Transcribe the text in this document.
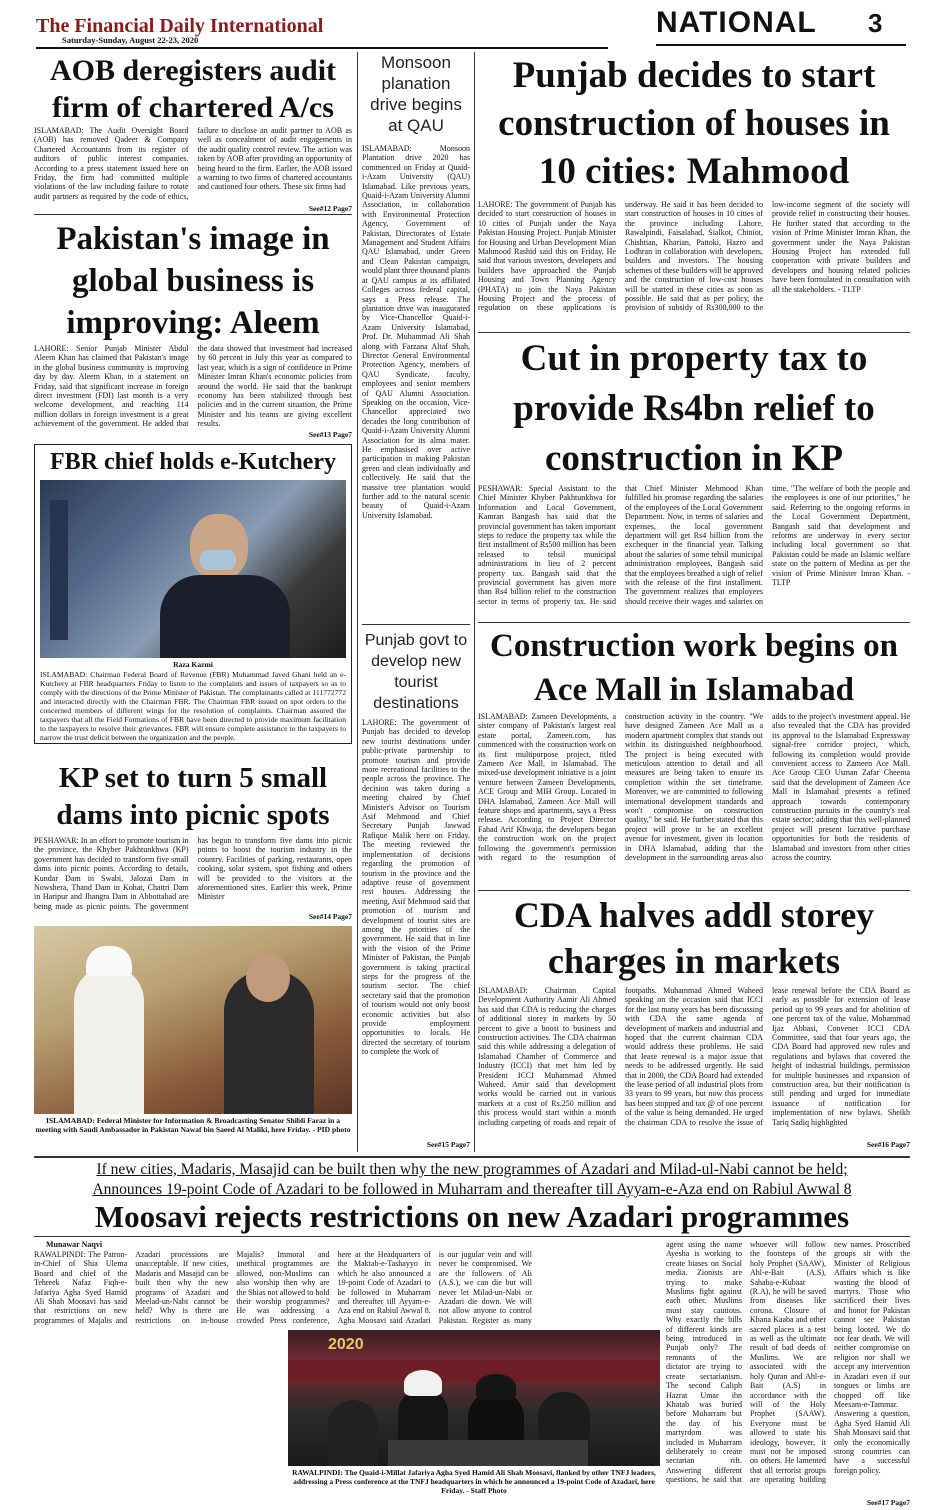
The Financial Daily International
Saturday-Sunday, August 22-23, 2020
NATIONAL 3
AOB deregisters audit firm of chartered A/cs
ISLAMABAD: The Audit Oversight Board (AOB) has removed Qadeer & Company Chartered Accountants from its register of auditors of public interest companies. According to a press statement issued here on Friday, the firm had committed multiple violations of the law including failure to rotate audit partners as required by the code of ethics, failure to disclose an audit partner to AOB as well as concealment of audit engagements in the audit quality control review. The action was taken by AOB after providing an opportunity of being heard to the firm. Earlier, the AOB issued a warning to two firms of chartered accountants and cautioned four others. These six firms had
See#12 Page7
Pakistan's image in global business is improving: Aleem
LAHORE: Senior Punjab Minister Abdul Aleem Khan has claimed that Pakistan's image in the global business community is improving day by day. Aleem Khan, in a statement on Friday, said that significant increase in foreign direct investment (FDI) last month is a very welcome development, and reaching 114 million dollars in foreign investment is a great achievement of the government. He added that the data showed that investment had increased by 60 percent in July this year as compared to last year, which is a sign of confidence in Prime Minister Imran Khan's economic policies from around the world. He said that the bankrupt economy has been stabilized through best policies and in the current situation, the Prime Minister and his teams are giving excellent results.
See#13 Page7
FBR chief holds e-Kutchery
Raza Kazmi
ISLAMABAD: Chairman Federal Board of Revenue (FBR) Muhammad Javed Ghani held an e-Kutchery at FBR headquarters Friday to listen to the complaints and issues of taxpayers so as to comply with the directions of the Prime Minister of Pakistan. The complainants called at 111772772 and interacted directly with the Chairman FBR. The Chairman FBR issued on spot orders to the concerned members of different wings for the resolution of complaints. Chairman assured the taxpayers that all the Field Formations of FBR have been directed to provide maximum facilitation to the taxpayers to resolve their grievances. FBR will ensure complete assistance to the taxpayers to narrow the trust deficit between the organization and the people.
KP set to turn 5 small dams into picnic spots
PESHAWAR: In an effort to promote tourism in the province, the Khyber Pakhtunkhwa (KP) government has decided to transform five small dams into picnic points. According to details, Kundar Dam in Swabi, Jalozai Dam in Nowshera, Thand Dam in Kohat, Chattri Dam in Haripur and Jhangra Dam in Abbottabad are being made as picnic points. The government has begun to transform five dams into picnic points to boost the tourism industry in the country. Facilities of parking, restaurants, open cooking, solar system, spot fishing and others will be provided to the visitors at the aforementioned sites. Earlier this week, Prime Minister
See#14 Page7
ISLAMABAD: Federal Minister for Information & Broadcasting Senator Shibli Faraz in a meeting with Saudi Ambassador in Pakistan Nawaf bin Saeed Al Maliki, here Friday. - PID photo
Monsoon planation drive begins at QAU
ISLAMABAD: Monsoon Plantation drive 2020 has commenced on Friday at Quaid-i-Azam University (QAU) Islamabad. Like previous years, Quaid-i-Azam University Alumni Association, in collaboration with Environmental Protection Agency, Government of Pakistan, Directorates of Estate Management and Student Affairs QAU Islamabad, under Green and Clean Pakistan campaign, would plant three thousand plants at QAU campus at its affiliated Colleges across federal capital, says a Press release. The plantation drive was inaugurated by Vice-Chancellor Quaid-i-Azam University Islamabad, Prof. Dr. Muhammad Ali Shah along with Farzana Altaf Shah, Director General Environmental Protection Agency, members of QAU Syndicate, faculty, employees and senior members of QAU Alumni Association. Speaking on the occasion, Vice-Chancellor appreciated two decades the long contribution of Quaid-i-Azam University Alumni Association for its alma mater. He emphasised over active participation in making Pakistan green and clean individually and collectively. He said that the massive tree plantation would further add to the natural scenic beauty of Quaid-i-Azam University Islamabad.
Punjab govt to develop new tourist destinations
LAHORE: The government of Punjab has decided to develop new tourist destinations under public-private partnership to promote tourism and provide more recreational facilities to the people across the province. The decision was taken during a meeting chaired by Chief Minister's Advisor on Tourism Asif Mehmood and Chief Secretary Punjab Jawwad Rafique Malik here on Friday. The meeting reviewed the implementation of decisions regarding the promotion of tourism in the province and the adaptive reuse of government rest houses. Addressing the meeting, Asif Mehmood said that promotion of tourism and development of tourist sites are among the priorities of the government. He said that in line with the vision of the Prime Minister of Pakistan, the Punjab government is taking practical steps for the progress of the tourism sector. The chief secretary said that the promotion of tourism would not only boost economic activities but also provide employment opportunities to locals. He directed the secretary of tourism to complete the work of
See#15 Page7
Punjab decides to start construction of houses in 10 cities: Mahmood
LAHORE: The government of Punjab has decided to start construction of houses in 10 cities of Punjab under the Naya Pakistan Housing Project. Punjab Minister for Housing and Urban Development Mian Mahmood Rashid said this on Friday. He said that various investors, developers and builders have approached the Punjab Housing and Town Planning Agency (PHATA) to join the Naya Pakistan Housing Project and the process of regulation on these applications is underway. He said it has been decided to start construction of houses in 10 cities of the province including Lahore, Rawalpindi, Faisalabad, Sialkot, Chiniot, Chishtian, Kharian, Pattoki, Hazro and Lodhran in collaboration with developers, builders and investors. The housing schemes of these builders will be approved and the construction of low-cost houses will be started in these cities as soon as possible. He said that as per policy, the provision of subsidy of Rs300,000 to the low-income segment of the society will provide relief in constructing their houses. He further stated that according to the vision of Prime Minister Imran Khan, the government under the Naya Pakistan Housing Project has extended full cooperation with private builders and developers and housing related policies have been formulated in consultation with all the stakeholders. - TLTP
Cut in property tax to provide Rs4bn relief to construction in KP
PESHAWAR: Special Assistant to the Chief Minister Khyber Pakhtunkhwa for Information and Local Government, Kamran Bangash has said that the provincial government has taken important steps to reduce the property tax while the first installment of Rs500 million has been released to tehsil municipal administrations in lieu of 2 percent property tax. Bangash said that the provincial government has given more than Rs4 billion relief to the construction sector in terms of property tax. He said that Chief Minister Mehmood Khan fulfilled his promise regarding the salaries of the employees of the Local Government Department. Now, in terms of salaries and expenses, the local government department will get Rs4 billion from the exchequer in the financial year. Talking about the salaries of some tehsil municipal administration employees, Bangash said that the employees breathed a sigh of relief with the release of the first installment. The government realizes that employees should receive their wages and salaries on time. "The welfare of both the people and the employees is one of our priorities," he said. Referring to the ongoing reforms in the Local Government Department, Bangash said that development and reforms are underway in every sector including local government so that Pakistan could be made an Islamic welfare state on the pattern of Medina as per the vision of Prime Minister Imran Khan. - TLTP
Construction work begins on Ace Mall in Islamabad
ISLAMABAD: Zameen Developments, a sister company of Pakistan's largest real estate portal, Zameen.com, has commenced with the construction work on its first multipurpose project, titled Zameen Ace Mall, in Islamabad. The mixed-use development initiative is a joint venture between Zameen Developments, ACE Group and MIH Group. Located in DHA Islamabad, Zameen Ace Mall will feature shops and apartments, says a Press release. According to Project Director Fahad Arif Khwaja, the developers began the construction work on the project following the government's permission with regard to the resumption of construction activity in the country. "We have designed Zameen Ace Mall as a modern apartment complex that stands out within its distinguished neighbourhood. The project is being executed with meticulous attention to detail and all measures are being taken to ensure its completion within the set timeframe. Moreover, we are committed to following international development standards and won't compromise on construction quality," he said. He further stated that this project will prove to be an excellent avenue for investment, given its location in DHA Islamabad, adding that the development in the surrounding areas also adds to the project's investment appeal. He also revealed that the CDA has provided its approval to the Islamabad Expressway signal-free corridor project, which, following its completion would provide convenient access to Zameen Ace Mall. Ace Group CEO Usman Zafar Cheema said that the development of Zameen Ace Mall in Islamabad presents a refined approach towards contemporary construction pursuits in the country's real estate sector; adding that this well-planned project will present lucrative purchase opportunities for both the residents of Islamabad and investors from other cities across the country.
CDA halves addl storey charges in markets
ISLAMABAD: Chairman Capital Development Authority Aamir Ali Ahmed has said that CDA is reducing the charges of additional storey in markets by 50 percent to give a boost to business and construction activities. The CDA chairman said this while addressing a delegation of Islamabad Chamber of Commerce and Industry (ICCI) that met him led by President ICCI Muhammad Ahmed Waheed. Amir said that development works would be carried out in various markets at a cost of Rs.250 million and this process would start within a month including carpeting of roads and repair of footpaths. Muhammad Ahmed Waheed speaking on the occasion said that ICCI for the last many years has been discussing with CDA the same agenda of development of markets and industrial and hoped that the current chairman CDA would address these problems. He said that lease renewal is a major issue that needs to be addressed urgently. He said that in 2000, the CDA Board had extended the lease period of all industrial plots from 33 years to 99 years, but now this process has been stopped and tax @ of one percent of the value is being demanded. He urged the chairman CDA to resolve the issue of lease renewal before the CDA Board as early as possible for extension of lease period up to 99 years and for abolition of one percent tax of the value. Mohammad Ijaz Abbasi, Convener ICCI CDA Committee, said that four years ago, the CDA Board had approved new rules and regulations and bylaws that covered the height of industrial buildings, permission for multiple businesses and expansion of construction area, but their notification is still pending and urged for immediate issuance of notification for implementation of new bylaws. Sheikh Tariq Sadiq highlighted
See#16 Page7
If new cities, Madaris, Masajid can be built then why the new programmes of Azadari and Milad-ul-Nabi cannot be held;
Announces 19-point Code of Azadari to be followed in Muharram and thereafter till Ayyam-e-Aza end on Rabiul Awwal 8
Moosavi rejects restrictions on new Azadari programmes
Munawar Naqvi
RAWALPINDI: The Patron-in-Chief of Shia Ulema Board and chief of the Tehreek Nafaz Fiqh-e-Jafariya Agha Syed Hamid Ali Shah Moosavi has said that restrictions on new programmes of Majalis and Azadari processions are unacceptable. If new cities, Madaris and Masajid can be built then why the new programs of Azadari and Meelad-un-Nabi cannot be held? Why is there are restrictions on in-house Majalis? Immoral and unethical programmes are allowed, non-Muslims can also worship then why are the Shias not allowed to hold their worship programmes? He was addressing a crowded Press conference, here at the Headquarters of the Maktab-e-Tashayyo in which he also announced a 19-point Code of Azadari to be followed in Muharram and thereafter till Ayyam-e-Aza end on Rabiul Awwal 8. Agha Moosavi said Azadari is our jugular vein and will never be compromised. We are the followers of Ali (A.S.), we can die but will never let Milad-un-Nabi or Azadari die down. We will not allow anyone to control Pakistan. Register as many
2020
RAWALPINDI: The Quaid-i-Millat Jafariya Agha Syed Hamid Ali Shah Moosavi, flanked by other TNFJ leaders, addressing a Press conference at the TNFJ headquarters in which he announced a 19-point Code of Azadari, here Friday. - Staff Photo
agent using the name Ayesha is working to create biases on Social media. Zionists are trying to make Muslims fight against each other. Muslims must stay cautious. Why exactly the bills of different kinds are being introduced in Punjab only? The remnants of the dictator are trying to create sectarianism. The second Caliph Hazrat Umar ibn Khatab was buried before Muharram but the day of his martyrdom was included in Muharram deliberately to create sectarian rift. Answering different questions, he said that whoever will follow the footsteps of the holy Prophet (SAAW), Ahl-e-Bait (A.S), Sahaba-e-Kubaar (R.A), he will be saved from diseases like corona. Closure of Khana Kaaba and other sacred places is a test as well as the ultimate result of bad deeds of Muslims. We are associated with the holy Quran and Ahl-e-Bait (A.S) in accordance with the will of the Holy Prophet (SAAW). Everyone must be allowed to state his ideology, however, it must not be imposed on others. He lamented that all terrorist groups are operating building new names. Proscribed groups sit with the Minister of Religious Affairs which is like wasting the blood of martyrs. Those who sacrificed their lives and honor for Pakistan cannot see Pakistan being looted. We do not fear death. We will neither compromise on religion nor shall we accept any intervention in Azadari even if our tongues or limbs are chopped off like Meesam-e-Tammar. Answering a question, Agha Syed Hamid Ali Shah Moosavi said that only the economically strong countries can have a successful foreign policy.
See#17 Page7
